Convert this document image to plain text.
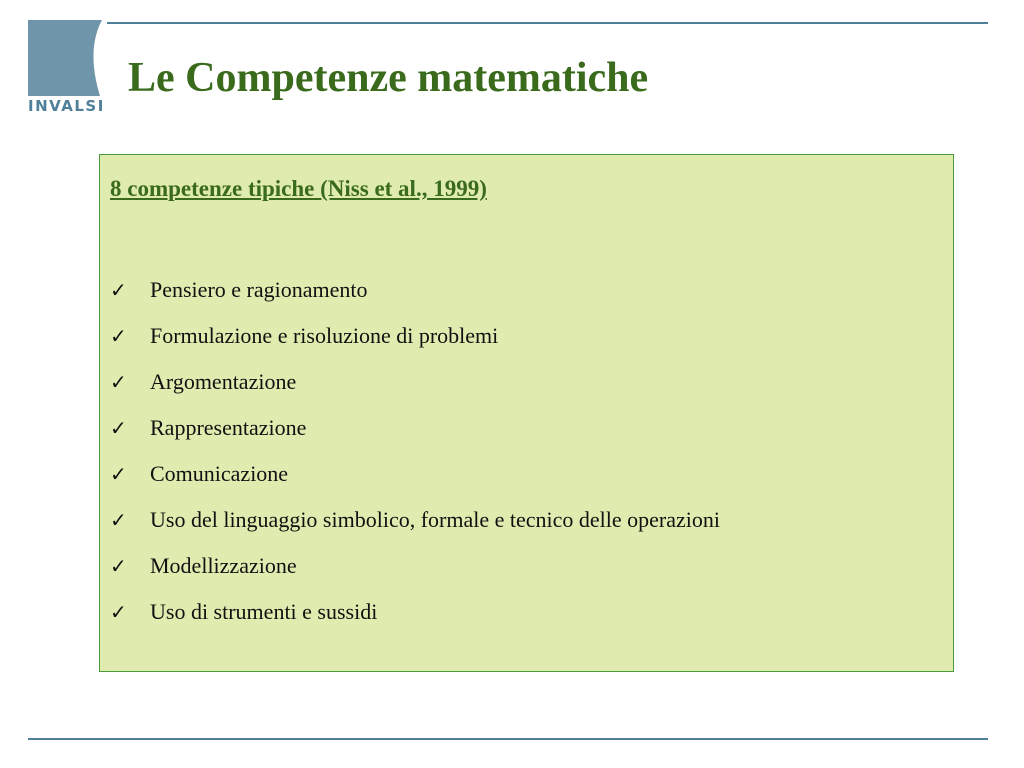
INVALSI
Le Competenze matematiche
8 competenze tipiche (Niss et al., 1999)
✓	Pensiero e ragionamento
✓	Formulazione e risoluzione di problemi
✓	Argomentazione
✓	Rappresentazione
✓	Comunicazione
✓	Uso del linguaggio simbolico, formale e tecnico delle operazioni
✓	Modellizzazione
✓	Uso di strumenti e sussidi
